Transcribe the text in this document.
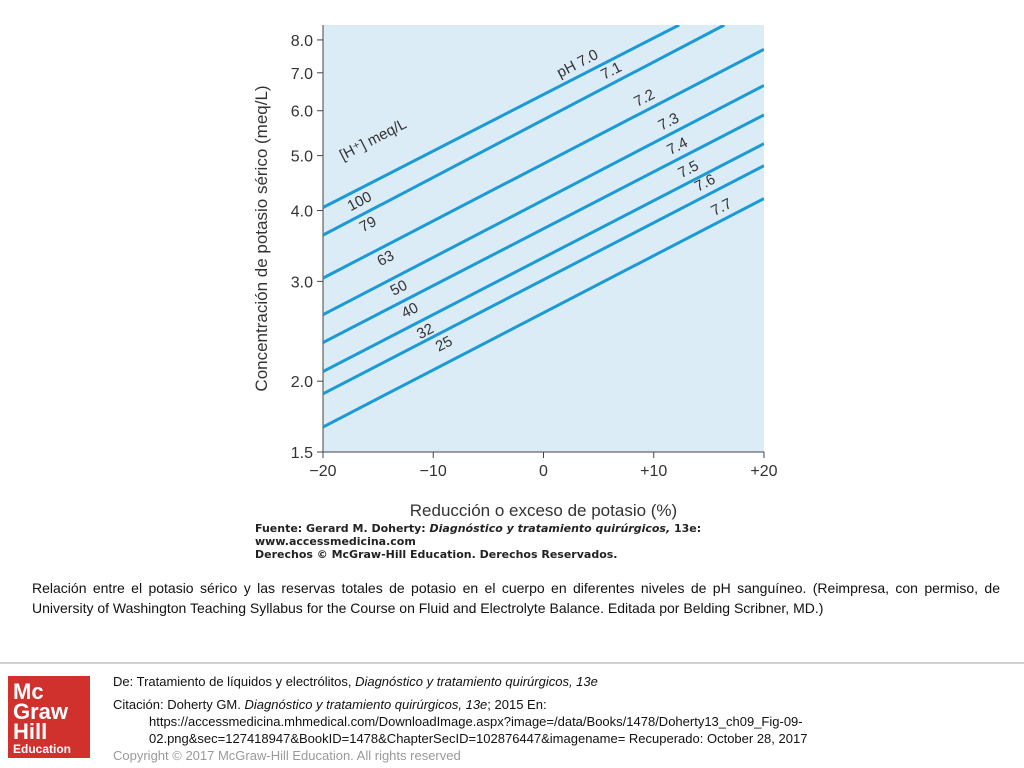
1.5
2.0
3.0
4.0
5.0
6.0
7.0
8.0
−20	−10	0	+10	+20
Concentración de potasio sérico (meq/L)
Reducción o exceso de potasio (%)
pH 7.0
7.1
7.2
7.3
7.4
7.5
7.6
7.7
100
79
63
50
40
32
25
[H⁺] meq/L
Fuente: Gerard M. Doherty: Diagnóstico y tratamiento quirúrgicos, 13e:
www.accessmedicina.com
Derechos © McGraw-Hill Education. Derechos Reservados.
Relación entre el potasio sérico y las reservas totales de potasio en el cuerpo en diferentes niveles de pH sanguíneo. (Reimpresa, con permiso, de University of Washington Teaching Syllabus for the Course on Fluid and Electrolyte Balance. Editada por Belding Scribner, MD.)
Mc
Graw
Hill
Education
De: Tratamiento de líquidos y electrólitos, Diagnóstico y tratamiento quirúrgicos, 13e
Citación: Doherty GM. Diagnóstico y tratamiento quirúrgicos, 13e; 2015 En:
https://accessmedicina.mhmedical.com/DownloadImage.aspx?image=/data/Books/1478/Doherty13_ch09_Fig-09-
02.png&sec=127418947&BookID=1478&ChapterSecID=102876447&imagename= Recuperado: October 28, 2017
Copyright © 2017 McGraw-Hill Education. All rights reserved
